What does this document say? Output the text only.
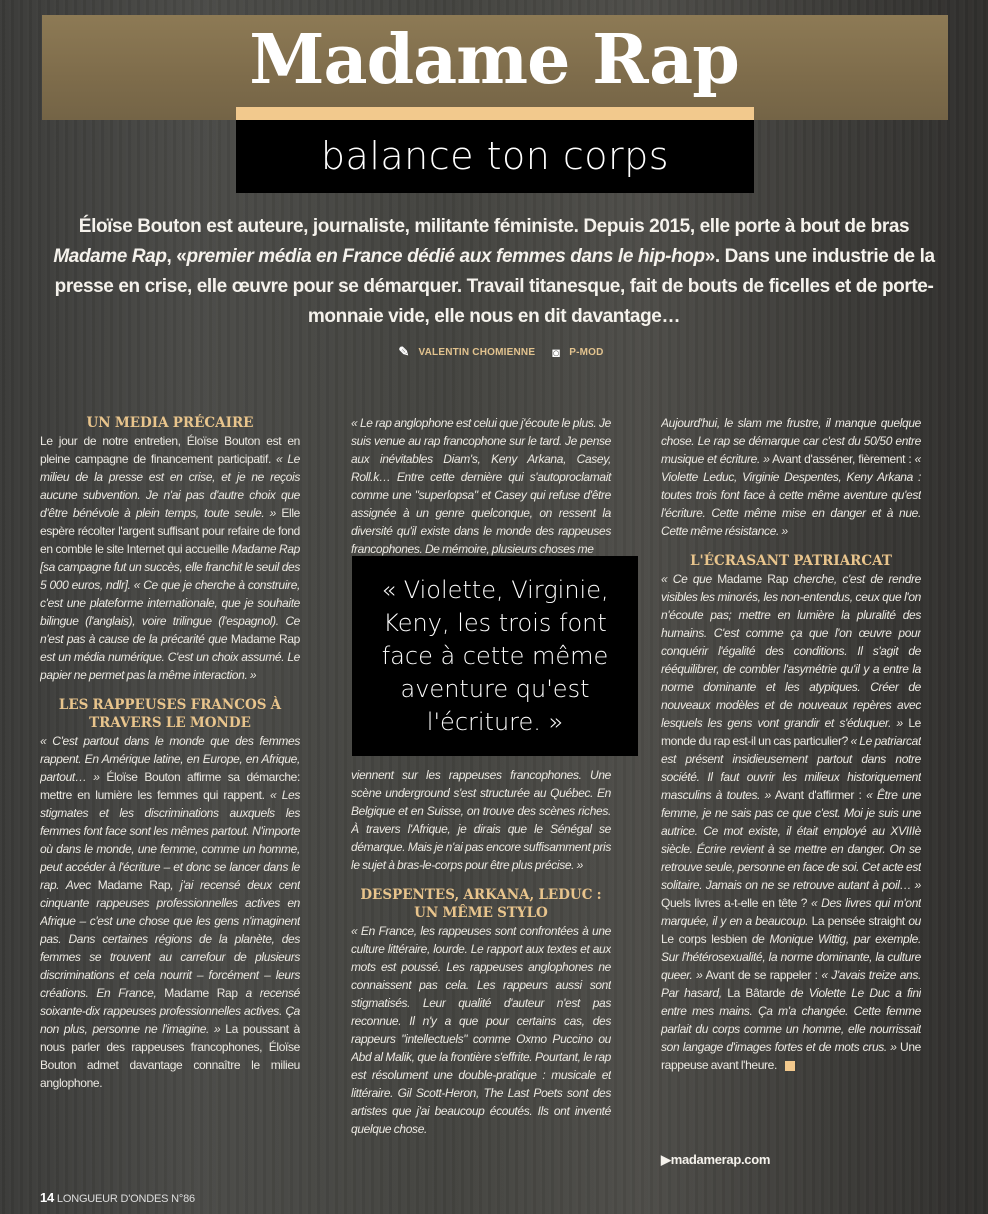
Madame Rap
balance ton corps
Éloïse Bouton est auteure, journaliste, militante féministe. Depuis 2015, elle porte à bout de bras Madame Rap, «premier média en France dédié aux femmes dans le hip-hop». Dans une industrie de la presse en crise, elle œuvre pour se démarquer. Travail titanesque, fait de bouts de ficelles et de porte-monnaie vide, elle nous en dit davantage…
✎ VALENTIN CHOMIENNE ◙ P-MOD
UN MEDIA PRÉCAIRE

Le jour de notre entretien, Éloïse Bouton est en pleine campagne de financement participatif. « Le milieu de la presse est en crise, et je ne reçois aucune subvention. Je n'ai pas d'autre choix que d'être bénévole à plein temps, toute seule. » Elle espère récolter l'argent suffisant pour refaire de fond en comble le site Internet qui accueille Madame Rap [sa campagne fut un succès, elle franchit le seuil des 5 000 euros, ndlr]. « Ce que je cherche à construire, c'est une plateforme internationale, que je souhaite bilingue (l'anglais), voire trilingue (l'espagnol). Ce n'est pas à cause de la précarité que Madame Rap est un média numérique. C'est un choix assumé. Le papier ne permet pas la même interaction. »

LES RAPPEUSES FRANCOS À TRAVERS LE MONDE

« C'est partout dans le monde que des femmes rappent. En Amérique latine, en Europe, en Afrique, partout… » Éloïse Bouton affirme sa démarche: mettre en lumière les femmes qui rappent. « Les stigmates et les discriminations auxquels les femmes font face sont les mêmes partout. N'importe où dans le monde, une femme, comme un homme, peut accéder à l'écriture – et donc se lancer dans le rap. Avec Madame Rap, j'ai recensé deux cent cinquante rappeuses professionnelles actives en Afrique – c'est une chose que les gens n'imaginent pas. Dans certaines régions de la planète, des femmes se trouvent au carrefour de plusieurs discriminations et cela nourrit – forcément – leurs créations. En France, Madame Rap a recensé soixante-dix rappeuses professionnelles actives. Ça non plus, personne ne l'imagine. » La poussant à nous parler des rappeuses francophones, Éloïse Bouton admet davantage connaître le milieu anglophone.

« Le rap anglophone est celui que j'écoute le plus. Je suis venue au rap francophone sur le tard. Je pense aux inévitables Diam's, Keny Arkana, Casey, Roll.k… Entre cette dernière qui s'autoproclamait comme une "superlopsa" et Casey qui refuse d'être assignée à un genre quelconque, on ressent la diversité qu'il existe dans le monde des rappeuses francophones. De mémoire, plusieurs choses me

« Violette, Virginie, Keny, les trois font face à cette même aventure qu'est l'écriture. »

viennent sur les rappeuses francophones. Une scène underground s'est structurée au Québec. En Belgique et en Suisse, on trouve des scènes riches. À travers l'Afrique, je dirais que le Sénégal se démarque. Mais je n'ai pas encore suffisamment pris le sujet à bras-le-corps pour être plus précise. »

DESPENTES, ARKANA, LEDUC : UN MÊME STYLO

« En France, les rappeuses sont confrontées à une culture littéraire, lourde. Le rapport aux textes et aux mots est poussé. Les rappeuses anglophones ne connaissent pas cela. Les rappeurs aussi sont stigmatisés. Leur qualité d'auteur n'est pas reconnue. Il n'y a que pour certains cas, des rappeurs "intellectuels" comme Oxmo Puccino ou Abd al Malik, que la frontière s'effrite. Pourtant, le rap est résolument une double-pratique : musicale et littéraire. Gil Scott-Heron, The Last Poets sont des artistes que j'ai beaucoup écoutés. Ils ont inventé quelque chose.

Aujourd'hui, le slam me frustre, il manque quelque chose. Le rap se démarque car c'est du 50/50 entre musique et écriture. » Avant d'asséner, fièrement : « Violette Leduc, Virginie Despentes, Keny Arkana : toutes trois font face à cette même aventure qu'est l'écriture. Cette même mise en danger et à nue. Cette même résistance. »

L'ÉCRASANT PATRIARCAT

« Ce que Madame Rap cherche, c'est de rendre visibles les minorés, les non-entendus, ceux que l'on n'écoute pas; mettre en lumière la pluralité des humains. C'est comme ça que l'on œuvre pour conquérir l'égalité des conditions. Il s'agit de rééquilibrer, de combler l'asymétrie qu'il y a entre la norme dominante et les atypiques. Créer de nouveaux modèles et de nouveaux repères avec lesquels les gens vont grandir et s'éduquer. » Le monde du rap est-il un cas particulier? « Le patriarcat est présent insidieusement partout dans notre société. Il faut ouvrir les milieux historiquement masculins à toutes. » Avant d'affirmer : « Être une femme, je ne sais pas ce que c'est. Moi je suis une autrice. Ce mot existe, il était employé au XVIIIè siècle. Écrire revient à se mettre en danger. On se retrouve seule, personne en face de soi. Cet acte est solitaire. Jamais on ne se retrouve autant à poil… » Quels livres a-t-elle en tête ? « Des livres qui m'ont marquée, il y en a beaucoup. La pensée straight ou Le corps lesbien de Monique Wittig, par exemple. Sur l'hétérosexualité, la norme dominante, la culture queer. » Avant de se rappeler : « J'avais treize ans. Par hasard, La Bâtarde de Violette Le Duc a fini entre mes mains. Ça m'a changée. Cette femme parlait du corps comme un homme, elle nourrissait son langage d'images fortes et de mots crus. » Une rappeuse avant l'heure.

▶madamerap.com
14 LONGUEUR D'ONDES N°86
